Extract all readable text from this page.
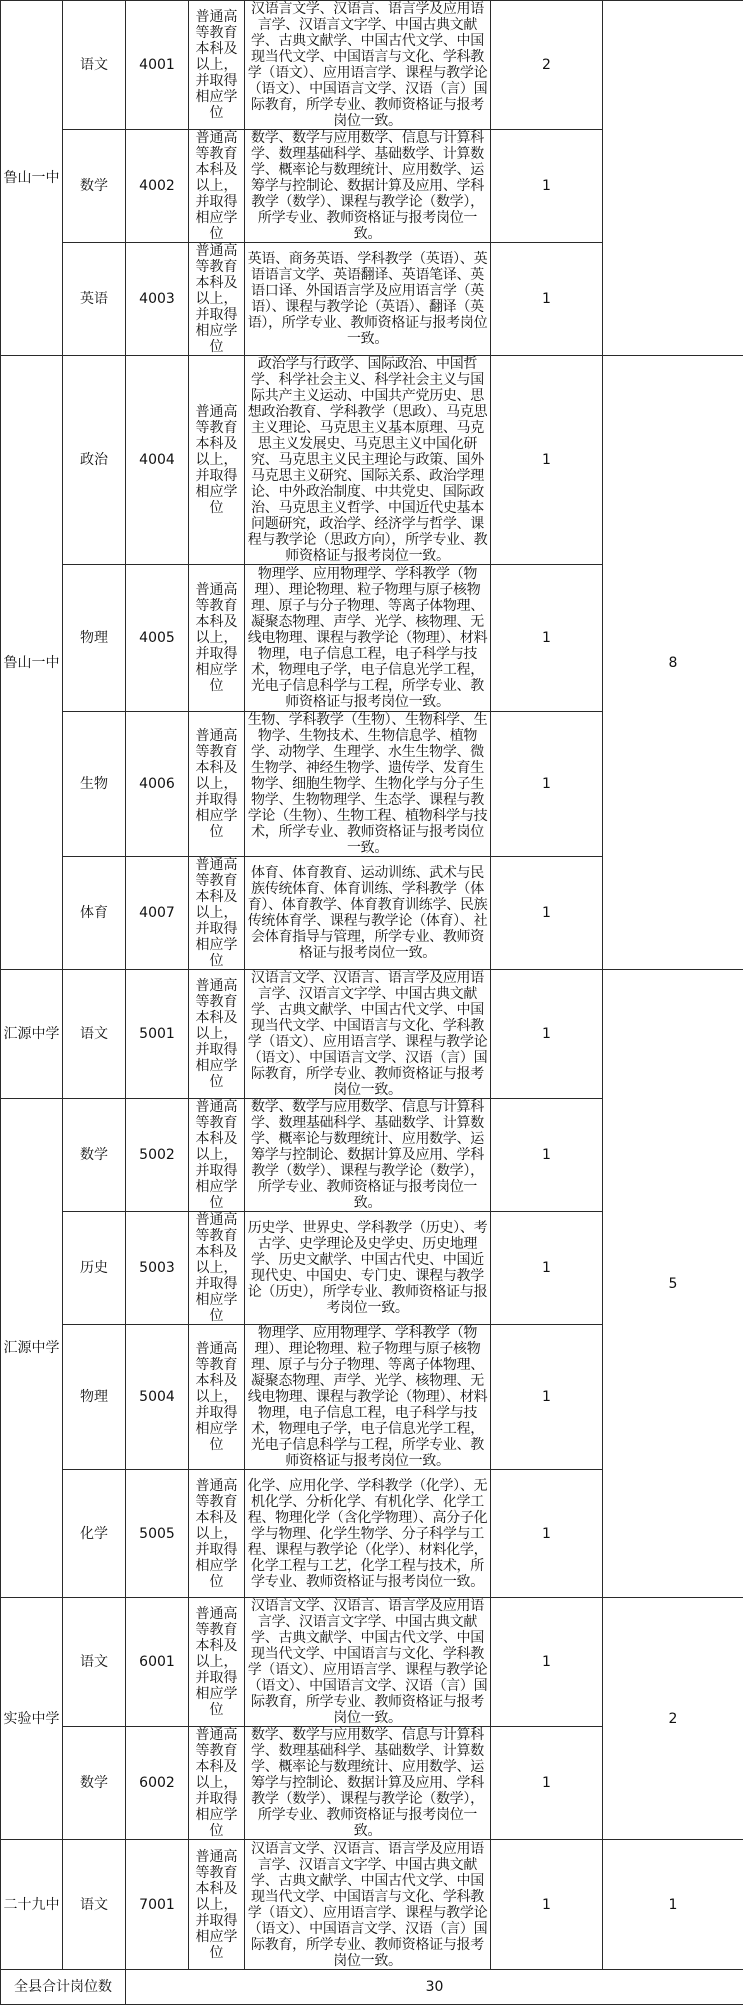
鲁山一中	语文	4001	普通高等教育本科及以上，并取得相应学位	汉语言文学、汉语言、语言学及应用语言学、汉语言文字学、中国古典文献学、古典文献学、中国古代文学、中国现当代文学、中国语言与文化、学科教学（语文）、应用语言学、课程与教学论（语文）、中国语言文学、汉语（言）国际教育，所学专业、教师资格证与报考岗位一致。	2	
	数学	4002	普通高等教育本科及以上，并取得相应学位	数学、数学与应用数学、信息与计算科学、数理基础科学、基础数学、计算数学、概率论与数理统计、应用数学、运筹学与控制论、数据计算及应用、学科教学（数学）、课程与教学论（数学），所学专业、教师资格证与报考岗位一致。	1	
	英语	4003	普通高等教育本科及以上，并取得相应学位	英语、商务英语、学科教学（英语）、英语语言文学、英语翻译、英语笔译、英语口译、外国语言学及应用语言学（英语）、课程与教学论（英语）、翻译（英语），所学专业、教师资格证与报考岗位一致。	1	
鲁山一中	政治	4004	普通高等教育本科及以上，并取得相应学位	政治学与行政学、国际政治、中国哲学、科学社会主义、科学社会主义与国际共产主义运动、中国共产党历史、思想政治教育、学科教学（思政）、马克思主义理论、马克思主义基本原理、马克思主义发展史、马克思主义中国化研究、马克思主义民主理论与政策、国外马克思主义研究、国际关系、政治学理论、中外政治制度、中共党史、国际政治、马克思主义哲学、中国近代史基本问题研究，政治学、经济学与哲学、课程与教学论（思政方向），所学专业、教师资格证与报考岗位一致。	1	8
	物理	4005	普通高等教育本科及以上，并取得相应学位	物理学、应用物理学、学科教学（物理）、理论物理、粒子物理与原子核物理、原子与分子物理、等离子体物理、凝聚态物理、声学、光学、核物理、无线电物理、课程与教学论（物理）、材料物理，电子信息工程，电子科学与技术，物理电子学，电子信息光学工程，光电子信息科学与工程，所学专业、教师资格证与报考岗位一致。	1	
	生物	4006	普通高等教育本科及以上，并取得相应学位	生物、学科教学（生物）、生物科学、生物学、生物技术、生物信息学、植物学、动物学、生理学、水生生物学、微生物学、神经生物学、遗传学、发育生物学、细胞生物学、生物化学与分子生物学、生物物理学、生态学、课程与教学论（生物）、生物工程、植物科学与技术，所学专业、教师资格证与报考岗位一致。	1	
	体育	4007	普通高等教育本科及以上，并取得相应学位	体育、体育教育、运动训练、武术与民族传统体育、体育训练、学科教学（体育）、体育教学、体育教育训练学、民族传统体育学、课程与教学论（体育）、社会体育指导与管理，所学专业、教师资格证与报考岗位一致。	1	
汇源中学	语文	5001	普通高等教育本科及以上，并取得相应学位	汉语言文学、汉语言、语言学及应用语言学、汉语言文字学、中国古典文献学、古典文献学、中国古代文学、中国现当代文学、中国语言与文化、学科教学（语文）、应用语言学、课程与教学论（语文）、中国语言文学、汉语（言）国际教育，所学专业、教师资格证与报考岗位一致。	1	5
汇源中学	数学	5002	普通高等教育本科及以上，并取得相应学位	数学、数学与应用数学、信息与计算科学、数理基础科学、基础数学、计算数学、概率论与数理统计、应用数学、运筹学与控制论、数据计算及应用、学科教学（数学）、课程与教学论（数学），所学专业、教师资格证与报考岗位一致。	1	
	历史	5003	普通高等教育本科及以上，并取得相应学位	历史学、世界史、学科教学（历史）、考古学、史学理论及史学史、历史地理学、历史文献学、中国古代史、中国近现代史、中国史、专门史、课程与教学论（历史），所学专业、教师资格证与报考岗位一致。	1	
	物理	5004	普通高等教育本科及以上，并取得相应学位	物理学、应用物理学、学科教学（物理）、理论物理、粒子物理与原子核物理、原子与分子物理、等离子体物理、凝聚态物理、声学、光学、核物理、无线电物理、课程与教学论（物理）、材料物理，电子信息工程，电子科学与技术，物理电子学，电子信息光学工程，光电子信息科学与工程，所学专业、教师资格证与报考岗位一致。	1	
	化学	5005	普通高等教育本科及以上，并取得相应学位	化学、应用化学、学科教学（化学）、无机化学、分析化学、有机化学、化学工程、物理化学（含化学物理）、高分子化学与物理、化学生物学、分子科学与工程、课程与教学论（化学）、材料化学，化学工程与工艺，化学工程与技术，所学专业、教师资格证与报考岗位一致。	1	
实验中学	语文	6001	普通高等教育本科及以上，并取得相应学位	汉语言文学、汉语言、语言学及应用语言学、汉语言文字学、中国古典文献学、古典文献学、中国古代文学、中国现当代文学、中国语言与文化、学科教学（语文）、应用语言学、课程与教学论（语文）、中国语言文学、汉语（言）国际教育，所学专业、教师资格证与报考岗位一致。	1	2
	数学	6002	普通高等教育本科及以上，并取得相应学位	数学、数学与应用数学、信息与计算科学、数理基础科学、基础数学、计算数学、概率论与数理统计、应用数学、运筹学与控制论、数据计算及应用、学科教学（数学）、课程与教学论（数学），所学专业、教师资格证与报考岗位一致。	1	
二十九中	语文	7001	普通高等教育本科及以上，并取得相应学位	汉语言文学、汉语言、语言学及应用语言学、汉语言文字学、中国古典文献学、古典文献学、中国古代文学、中国现当代文学、中国语言与文化、学科教学（语文）、应用语言学、课程与教学论（语文）、中国语言文学、汉语（言）国际教育，所学专业、教师资格证与报考岗位一致。	1	1
全县合计岗位数		30				
